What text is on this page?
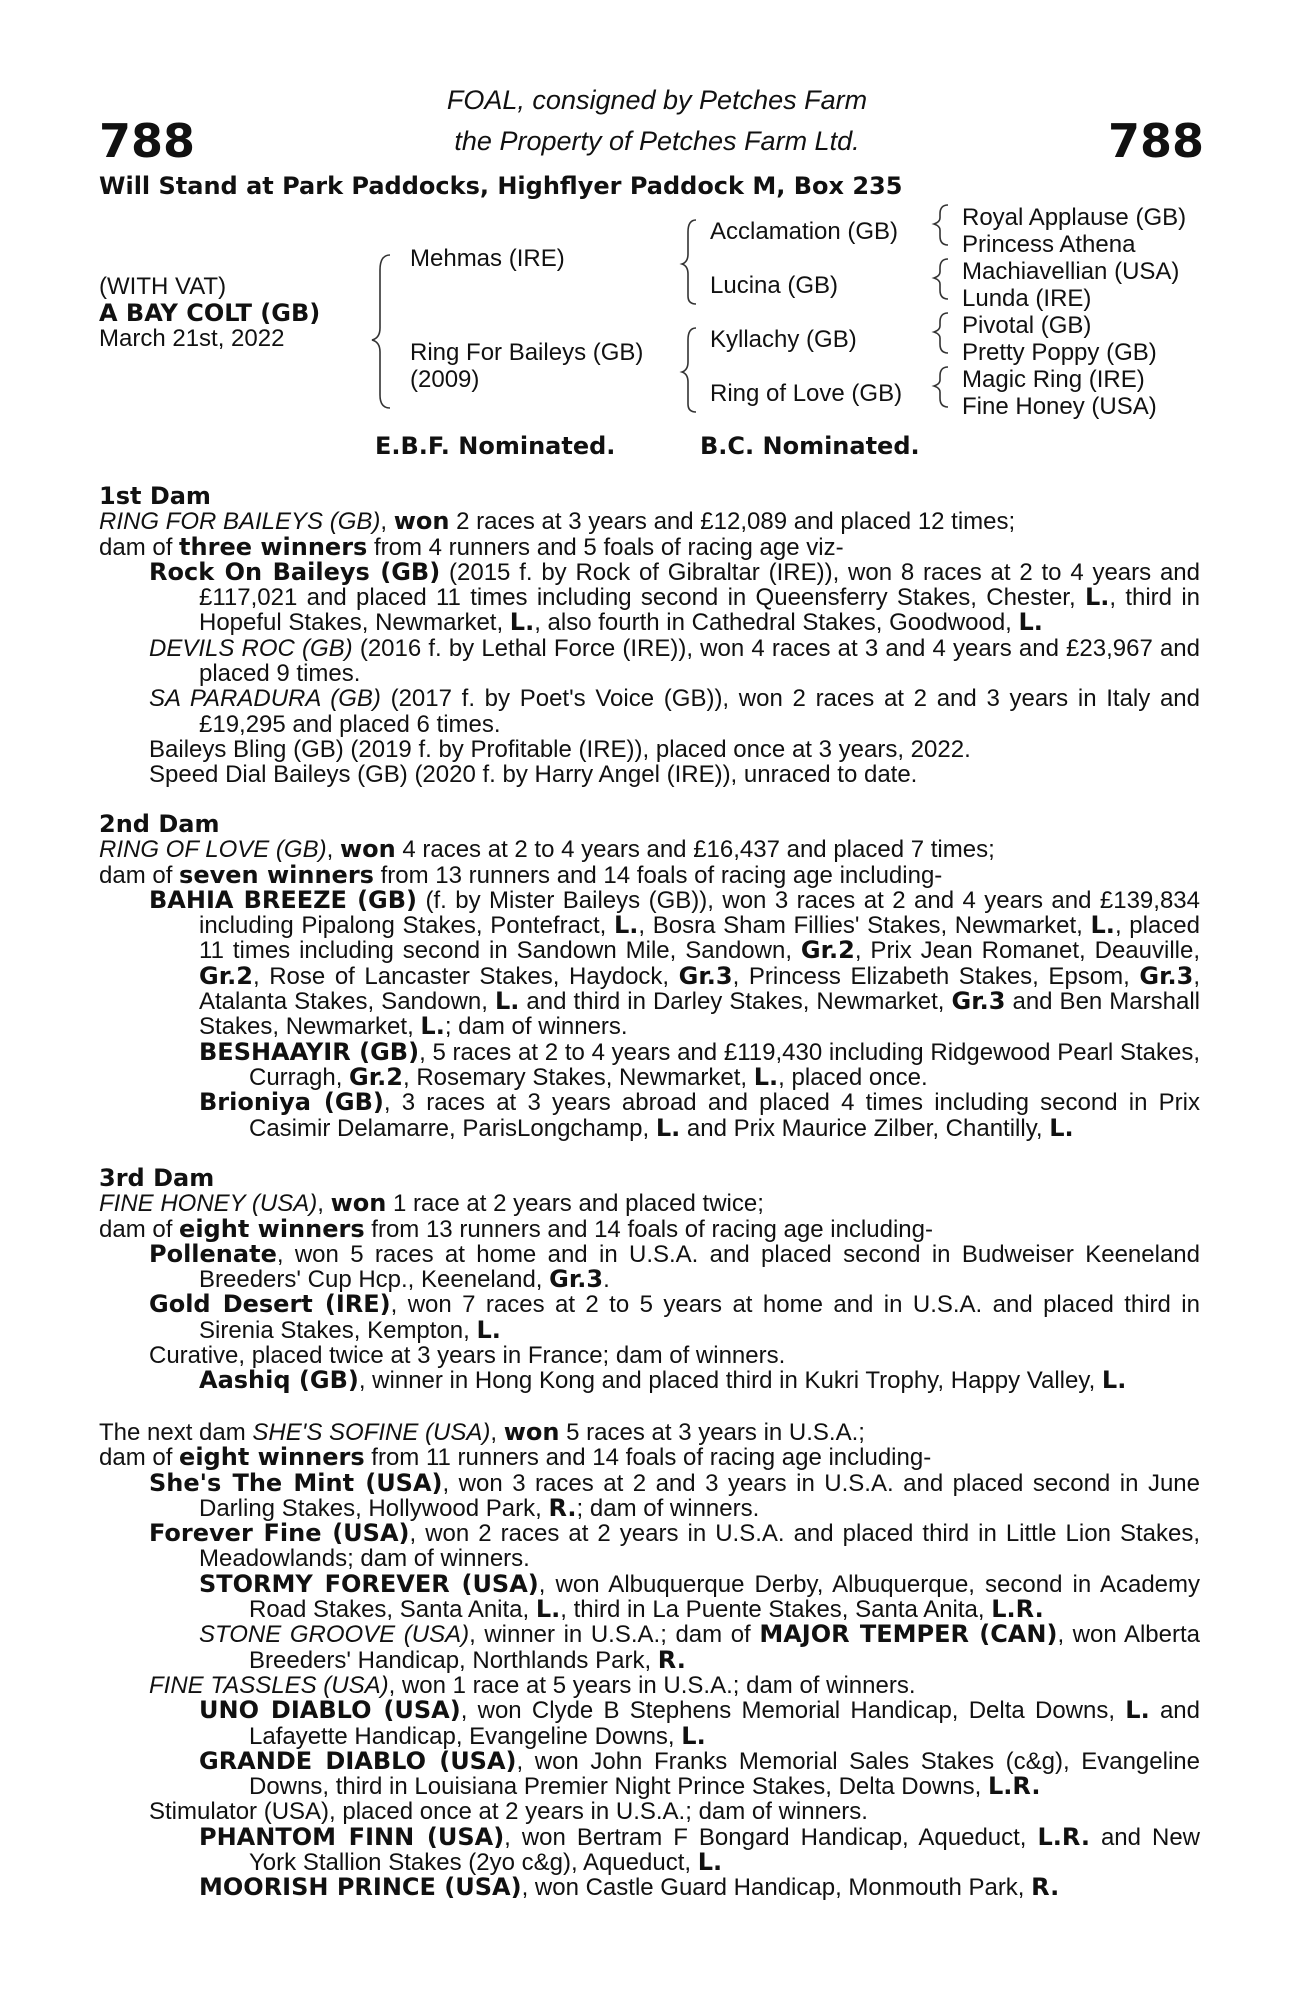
788	788
FOAL, consigned by Petches Farm
the Property of Petches Farm Ltd.
Will Stand at Park Paddocks, Highflyer Paddock M, Box 235
(WITH VAT)
A BAY COLT (GB)
March 21st, 2022
Mehmas (IRE)
Ring For Baileys (GB)
(2009)
Acclamation (GB)
Lucina (GB)
Kyllachy (GB)
Ring of Love (GB)
Royal Applause (GB)
Princess Athena
Machiavellian (USA)
Lunda (IRE)
Pivotal (GB)
Pretty Poppy (GB)
Magic Ring (IRE)
Fine Honey (USA)
E.B.F. Nominated.	B.C. Nominated.

1st Dam

RING FOR BAILEYS (GB), won 2 races at 3 years and £12,089 and placed 12 times;

dam of three winners from 4 runners and 5 foals of racing age viz-

Rock On Baileys (GB) (2015 f. by Rock of Gibraltar (IRE)), won 8 races at 2 to 4 years and £117,021 and placed 11 times including second in Queensferry Stakes, Chester, L., third in Hopeful Stakes, Newmarket, L., also fourth in Cathedral Stakes, Goodwood, L.

DEVILS ROC (GB) (2016 f. by Lethal Force (IRE)), won 4 races at 3 and 4 years and £23,967 and placed 9 times.

SA PARADURA (GB) (2017 f. by Poet's Voice (GB)), won 2 races at 2 and 3 years in Italy and £19,295 and placed 6 times.

Baileys Bling (GB) (2019 f. by Profitable (IRE)), placed once at 3 years, 2022.

Speed Dial Baileys (GB) (2020 f. by Harry Angel (IRE)), unraced to date.

2nd Dam

RING OF LOVE (GB), won 4 races at 2 to 4 years and £16,437 and placed 7 times;

dam of seven winners from 13 runners and 14 foals of racing age including-

BAHIA BREEZE (GB) (f. by Mister Baileys (GB)), won 3 races at 2 and 4 years and £139,834 including Pipalong Stakes, Pontefract, L., Bosra Sham Fillies' Stakes, Newmarket, L., placed 11 times including second in Sandown Mile, Sandown, Gr.2, Prix Jean Romanet, Deauville, Gr.2, Rose of Lancaster Stakes, Haydock, Gr.3, Princess Elizabeth Stakes, Epsom, Gr.3, Atalanta Stakes, Sandown, L. and third in Darley Stakes, Newmarket, Gr.3 and Ben Marshall Stakes, Newmarket, L.; dam of winners.

BESHAAYIR (GB), 5 races at 2 to 4 years and £119,430 including Ridgewood Pearl Stakes, Curragh, Gr.2, Rosemary Stakes, Newmarket, L., placed once.

Brioniya (GB), 3 races at 3 years abroad and placed 4 times including second in Prix Casimir Delamarre, ParisLongchamp, L. and Prix Maurice Zilber, Chantilly, L.

3rd Dam

FINE HONEY (USA), won 1 race at 2 years and placed twice;

dam of eight winners from 13 runners and 14 foals of racing age including-

Pollenate, won 5 races at home and in U.S.A. and placed second in Budweiser Keeneland Breeders' Cup Hcp., Keeneland, Gr.3.

Gold Desert (IRE), won 7 races at 2 to 5 years at home and in U.S.A. and placed third in Sirenia Stakes, Kempton, L.

Curative, placed twice at 3 years in France; dam of winners.

Aashiq (GB), winner in Hong Kong and placed third in Kukri Trophy, Happy Valley, L.

The next dam SHE'S SOFINE (USA), won 5 races at 3 years in U.S.A.;

dam of eight winners from 11 runners and 14 foals of racing age including-

She's The Mint (USA), won 3 races at 2 and 3 years in U.S.A. and placed second in June Darling Stakes, Hollywood Park, R.; dam of winners.

Forever Fine (USA), won 2 races at 2 years in U.S.A. and placed third in Little Lion Stakes, Meadowlands; dam of winners.

STORMY FOREVER (USA), won Albuquerque Derby, Albuquerque, second in Academy Road Stakes, Santa Anita, L., third in La Puente Stakes, Santa Anita, L.R.

STONE GROOVE (USA), winner in U.S.A.; dam of MAJOR TEMPER (CAN), won Alberta Breeders' Handicap, Northlands Park, R.

FINE TASSLES (USA), won 1 race at 5 years in U.S.A.; dam of winners.

UNO DIABLO (USA), won Clyde B Stephens Memorial Handicap, Delta Downs, L. and Lafayette Handicap, Evangeline Downs, L.

GRANDE DIABLO (USA), won John Franks Memorial Sales Stakes (c&g), Evangeline Downs, third in Louisiana Premier Night Prince Stakes, Delta Downs, L.R.

Stimulator (USA), placed once at 2 years in U.S.A.; dam of winners.

PHANTOM FINN (USA), won Bertram F Bongard Handicap, Aqueduct, L.R. and New York Stallion Stakes (2yo c&g), Aqueduct, L.

MOORISH PRINCE (USA), won Castle Guard Handicap, Monmouth Park, R.
